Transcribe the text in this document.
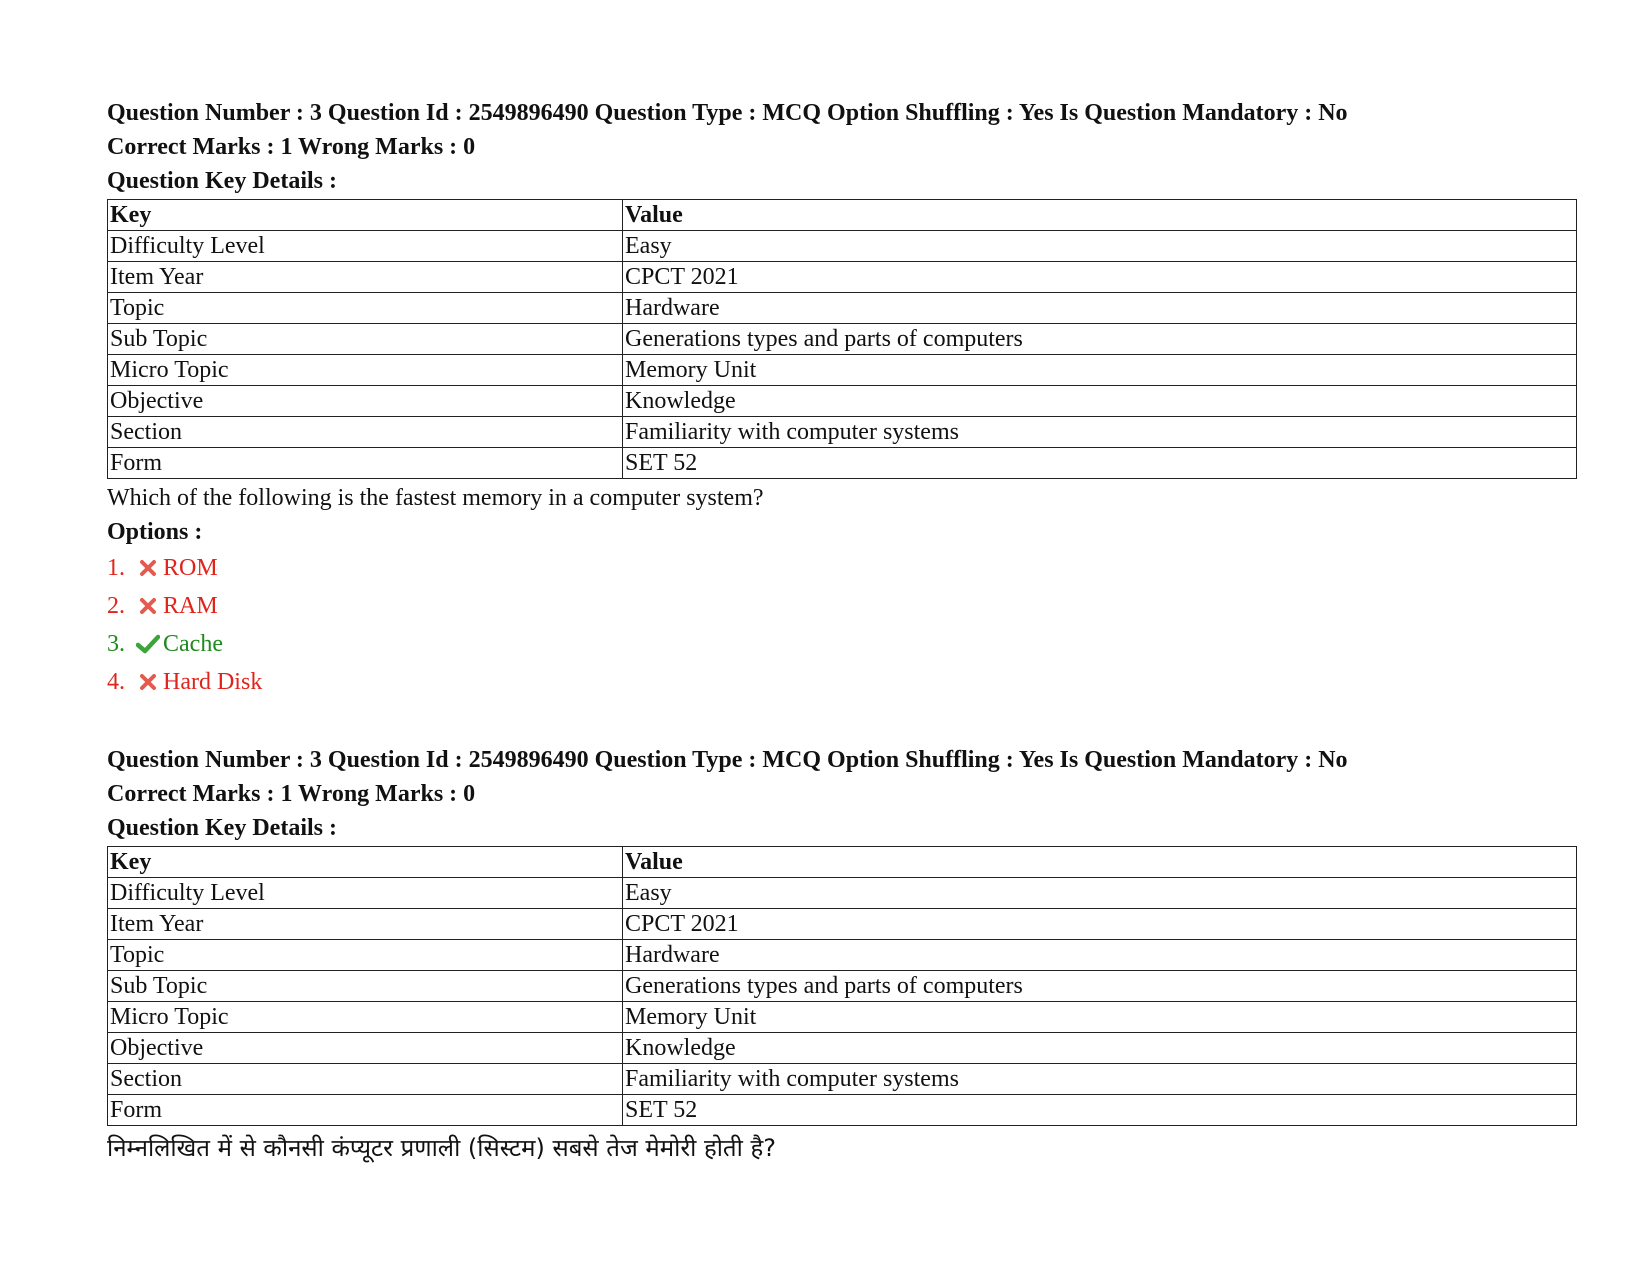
Question Number : 3 Question Id : 2549896490 Question Type : MCQ Option Shuffling : Yes Is Question Mandatory : No
Correct Marks : 1 Wrong Marks : 0
Question Key Details :
Key	Value
Difficulty Level	Easy
Item Year	CPCT 2021
Topic	Hardware
Sub Topic	Generations types and parts of computers
Micro Topic	Memory Unit
Objective	Knowledge
Section	Familiarity with computer systems
Form	SET 52
Which of the following is the fastest memory in a computer system?
Options :
1.	ROM
2.	RAM
3.	Cache
4.	Hard Disk
Question Number : 3 Question Id : 2549896490 Question Type : MCQ Option Shuffling : Yes Is Question Mandatory : No
Correct Marks : 1 Wrong Marks : 0
Question Key Details :
Key	Value
Difficulty Level	Easy
Item Year	CPCT 2021
Topic	Hardware
Sub Topic	Generations types and parts of computers
Micro Topic	Memory Unit
Objective	Knowledge
Section	Familiarity with computer systems
Form	SET 52
निम्नलिखित में से कौनसी कंप्यूटर प्रणाली (सिस्टम) सबसे तेज मेमोरी होती है?
